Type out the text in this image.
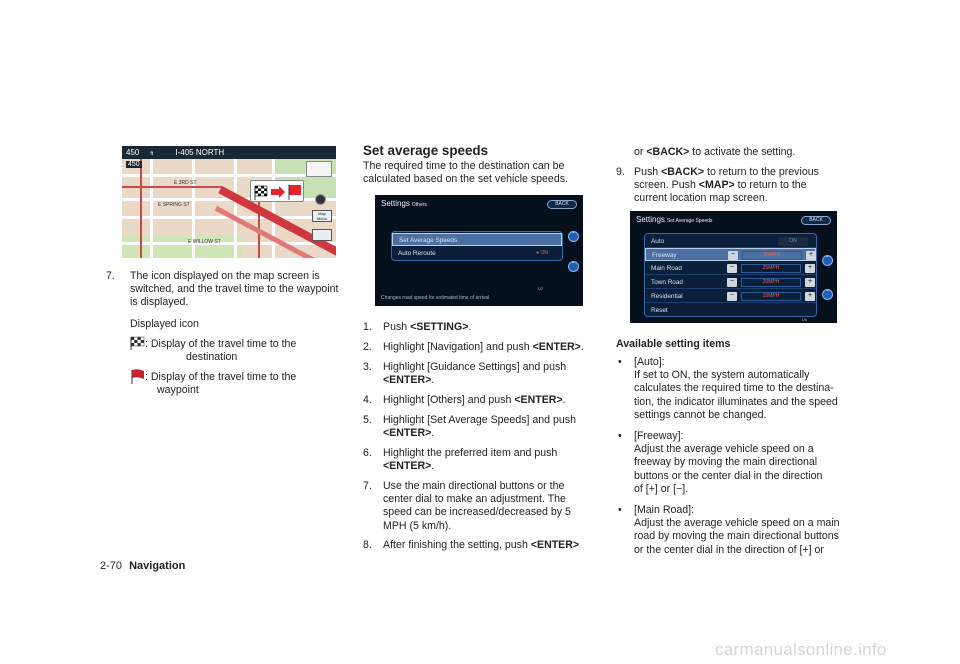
450 ft	I-405 NORTH
450
E 3RD ST
E SPRING ST
E WILLOW ST
Map Menu
7. The icon displayed on the map screen is
switched, and the travel time to the waypoint
is displayed.
Displayed icon
: Display of the travel time to the
destination
: Display of the travel time to the
waypoint
Set average speeds
The required time to the destination can be
calculated based on the set vehicle speeds.
Settings Others	BACK
Set Average Speeds
Auto Reroute	● ON
ˆ
ˇ
1/2
Changes road speed for estimated time of arrival
1. Push <SETTING>.
2. Highlight [Navigation] and push <ENTER>.
3. Highlight [Guidance Settings] and push
<ENTER>.
4. Highlight [Others] and push <ENTER>.
5. Highlight [Set Average Speeds] and push
<ENTER>.
6. Highlight the preferred item and push
<ENTER>.
7. Use the main directional buttons or the
center dial to make an adjustment. The
speed can be increased/decreased by 5
MPH (5 km/h).
8. After finishing the setting, push <ENTER>
or <BACK> to activate the setting.
9. Push <BACK> to return to the previous
screen. Push <MAP> to return to the
current location map screen.
Settings Set Average Speeds	BACK
Auto	ON
Freeway	−	55MPH	+
Main Road	−	25MPH	+
Town Road	−	20MPH	+
Residential	−	15MPH	+
Reset
ˆ
ˇ
1/6
Available setting items
• [Auto]:
If set to ON, the system automatically
calculates the required time to the destina-
tion, the indicator illuminates and the speed
settings cannot be changed.
• [Freeway]:
Adjust the average vehicle speed on a
freeway by moving the main directional
buttons or the center dial in the direction
of [+] or [−].
• [Main Road]:
Adjust the average vehicle speed on a main
road by moving the main directional buttons
or the center dial in the direction of [+] or
2-70 Navigation
carmanualsonline.info
